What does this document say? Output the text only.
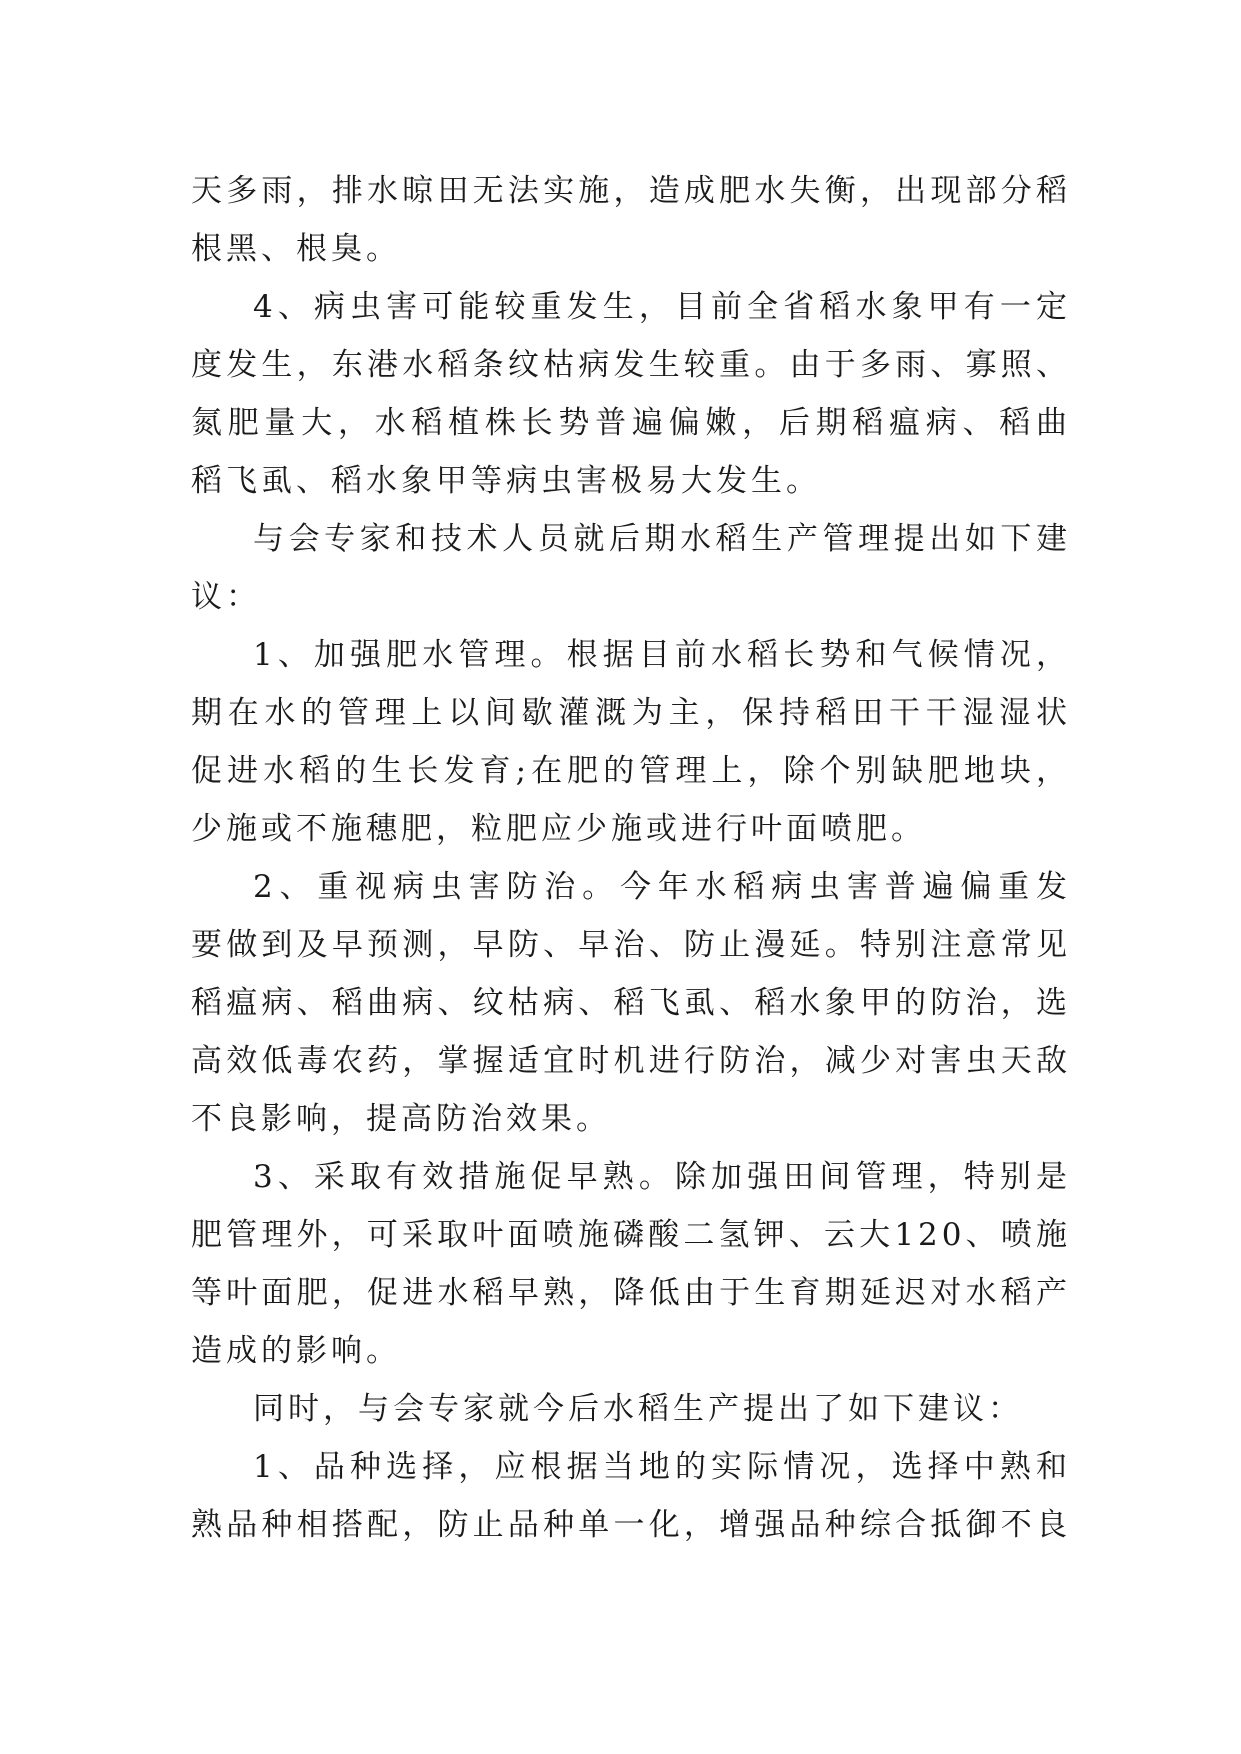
天多雨，排水晾田无法实施，造成肥水失衡，出现部分稻
根黑、根臭。
4、病虫害可能较重发生，目前全省稻水象甲有一定
度发生，东港水稻条纹枯病发生较重。由于多雨、寡照、
氮肥量大，水稻植株长势普遍偏嫩，后期稻瘟病、稻曲
稻飞虱、稻水象甲等病虫害极易大发生。
与会专家和技术人员就后期水稻生产管理提出如下建
议：
1、加强肥水管理。根据目前水稻长势和气候情况，
期在水的管理上以间歇灌溉为主，保持稻田干干湿湿状
促进水稻的生长发育;在肥的管理上，除个别缺肥地块，
少施或不施穗肥，粒肥应少施或进行叶面喷肥。
2、重视病虫害防治。今年水稻病虫害普遍偏重发
要做到及早预测，早防、早治、防止漫延。特别注意常见
稻瘟病、稻曲病、纹枯病、稻飞虱、稻水象甲的防治，选
高效低毒农药，掌握适宜时机进行防治，减少对害虫天敌
不良影响，提高防治效果。
3、采取有效措施促早熟。除加强田间管理，特别是
肥管理外，可采取叶面喷施磷酸二氢钾、云大120、喷施
等叶面肥，促进水稻早熟，降低由于生育期延迟对水稻产
造成的影响。
同时，与会专家就今后水稻生产提出了如下建议：
1、品种选择，应根据当地的实际情况，选择中熟和
熟品种相搭配，防止品种单一化，增强品种综合抵御不良
